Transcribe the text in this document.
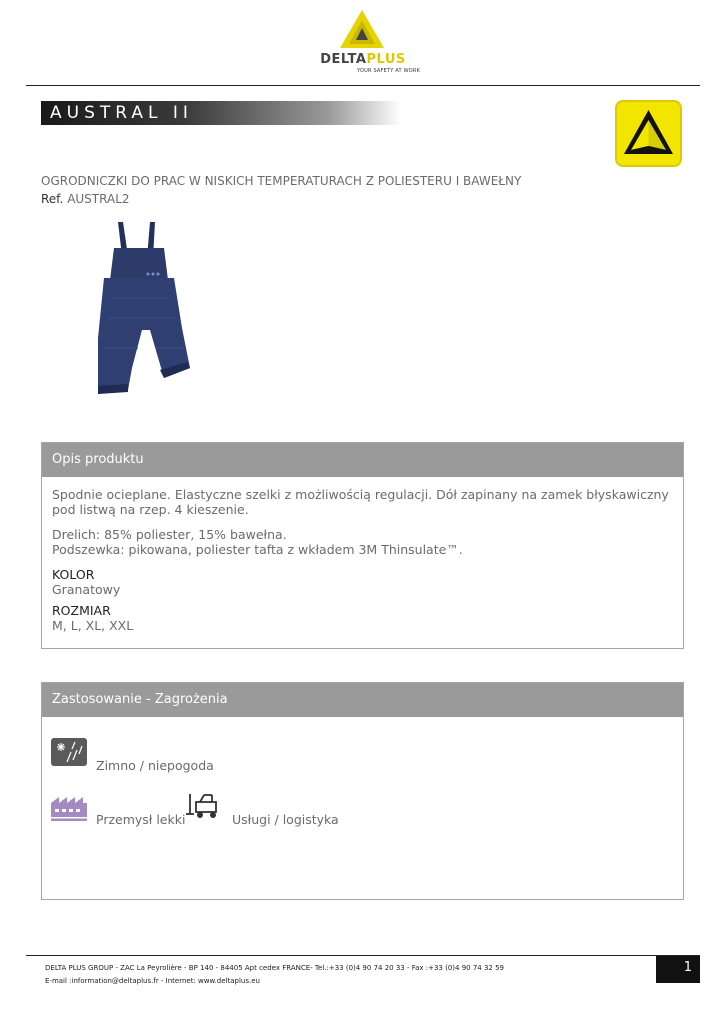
DELTAPLUS
YOUR SAFETY AT WORK
AUSTRAL II
OGRODNICZKI DO PRAC W NISKICH TEMPERATURACH Z POLIESTERU I BAWEŁNY
Ref. AUSTRAL2
Opis produktu
Spodnie ocieplane. Elastyczne szelki z możliwością regulacji. Dół zapinany na zamek błyskawiczny pod listwą na rzep. 4 kieszenie.
Drelich: 85% poliester, 15% bawełna.
Podszewka: pikowana, poliester tafta z wkładem 3M Thinsulate™.
KOLOR
Granatowy
ROZMIAR
M, L, XL, XXL
Zastosowanie - Zagrożenia
Zimno / niepogoda
Przemysł lekki	Usługi / logistyka
DELTA PLUS GROUP - ZAC La Peyrolière - BP 140 - 84405 Apt cedex FRANCE- Tel.:+33 (0)4 90 74 20 33 - Fax :+33 (0)4 90 74 32 59
E-mail :information@deltaplus.fr - Internet: www.deltaplus.eu
1
